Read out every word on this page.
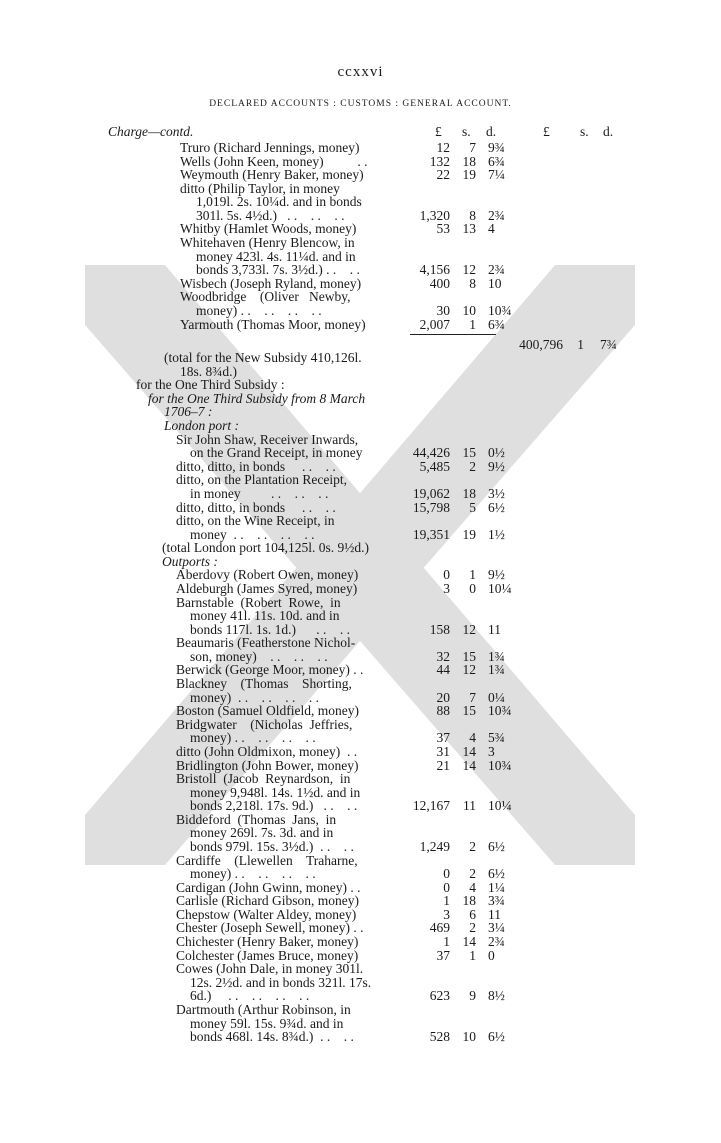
ccxxvi
DECLARED ACCOUNTS : CUSTOMS : GENERAL ACCOUNT.
Charge—contd.	£ s. d.	£ s. d.
Truro (Richard Jennings, money)	12 7 9¾
Wells (John Keen, money)          . .	132 18 6¾
Weymouth (Henry Baker, money)	22 19 7¼
ditto (Philip Taylor, in money
1,019l. 2s. 10¼d. and in bonds
301l. 5s. 4½d.)   . .    . .    . .	1,320 8 2¾
Whitby (Hamlet Woods, money)	53 13 4
Whitehaven (Henry Blencow, in
money 423l. 4s. 11¼d. and in
bonds 3,733l. 7s. 3½d.) . .    . .	4,156 12 2¾
Wisbech (Joseph Ryland, money)	400 8 10
Woodbridge    (Oliver   Newby,
money) . .    . .    . .    . .	30 10 10¾
Yarmouth (Thomas Moor, money)	2,007 1 6¾
400,796 1 7¾
(total for the New Subsidy 410,126l.
18s. 8¾d.)
for the One Third Subsidy :
for the One Third Subsidy from 8 March
1706–7 :
London port :
Sir John Shaw, Receiver Inwards,
on the Grand Receipt, in money	44,426 15 0½
ditto, ditto, in bonds     . .    . .	5,485 2 9½
ditto, on the Plantation Receipt,
in money         . .    . .    . .	19,062 18 3½
ditto, ditto, in bonds     . .    . .	15,798 5 6½
ditto, on the Wine Receipt, in
money  . .    . .    . .    . .	19,351 19 1½
(total London port 104,125l. 0s. 9½d.)
Outports :
Aberdovy (Robert Owen, money)	0 1 9½
Aldeburgh (James Syred, money)	3 0 10¼
Barnstable  (Robert  Rowe,  in
money 41l. 11s. 10d. and in
bonds 117l. 1s. 1d.)      . .    . .	158 12 11
Beaumaris (Featherstone Nichol-
son, money)    . .    . .    . .	32 15 1¾
Berwick (George Moor, money) . .	44 12 1¾
Blackney    (Thomas    Shorting,
money)  . .    . .    . .    . .	20 7 0¼
Boston (Samuel Oldfield, money)	88 15 10¾
Bridgwater    (Nicholas  Jeffries,
money) . .    . .    . .    . .	37 4 5¾
ditto (John Oldmixon, money)  . .	31 14 3
Bridlington (John Bower, money)	21 14 10¾
Bristoll  (Jacob  Reynardson,  in
money 9,948l. 14s. 1½d. and in
bonds 2,218l. 17s. 9d.)   . .    . .	12,167 11 10¼
Biddeford  (Thomas  Jans,  in
money 269l. 7s. 3d. and in
bonds 979l. 15s. 3½d.)  . .    . .	1,249 2 6½
Cardiffe    (Llewellen    Traharne,
money) . .    . .    . .    . .	0 2 6½
Cardigan (John Gwinn, money) . .	0 4 1¼
Carlisle (Richard Gibson, money)	1 18 3¾
Chepstow (Walter Aldey, money)	3 6 11
Chester (Joseph Sewell, money) . .	469 2 3¼
Chichester (Henry Baker, money)	1 14 2¾
Colchester (James Bruce, money)	37 1 0
Cowes (John Dale, in money 301l.
12s. 2½d. and in bonds 321l. 17s.
6d.)     . .    . .    . .    . .	623 9 8½
Dartmouth (Arthur Robinson, in
money 59l. 15s. 9¾d. and in
bonds 468l. 14s. 8¾d.)  . .    . .	528 10 6½
